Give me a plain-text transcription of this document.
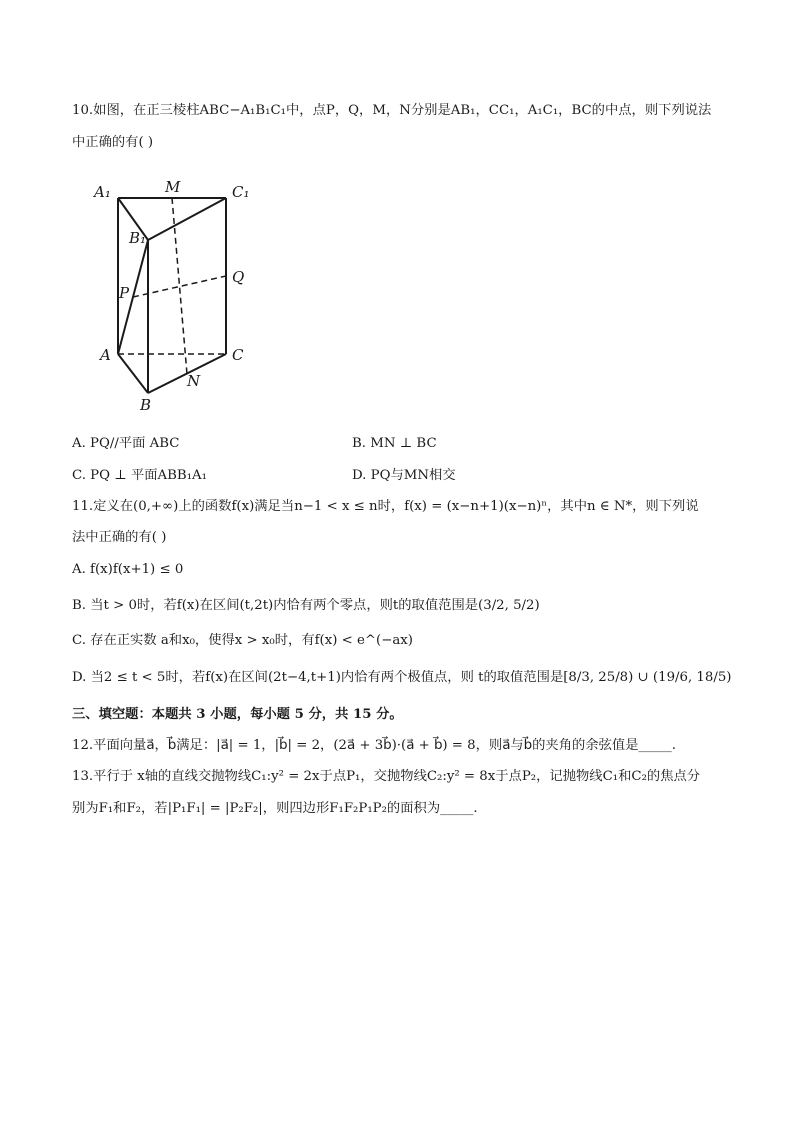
10.如图，在正三棱柱ABC−A₁B₁C₁中，点P，Q，M，N分别是AB₁，CC₁，A₁C₁，BC的中点，则下列说法
中正确的有( )
A₁	M	C₁
B₁
Q
P
A	C
N
B
A. PQ//平面 ABC	B. MN ⊥ BC
C. PQ ⊥ 平面ABB₁A₁	D. PQ与MN相交
11.定义在(0,+∞)上的函数f(x)满足当n−1 < x ≤ n时，f(x) = (x−n+1)(x−n)ⁿ，其中n ∈ N*，则下列说
法中正确的有( )
A. f(x)f(x+1) ≤ 0
B. 当t > 0时，若f(x)在区间(t,2t)内恰有两个零点，则t的取值范围是(3/2, 5/2)
C. 存在正实数 a和x₀，使得x > x₀时，有f(x) < e^(−ax)
D. 当2 ≤ t < 5时，若f(x)在区间(2t−4,t+1)内恰有两个极值点，则 t的取值范围是[8/3, 25/8) ∪ (19/6, 18/5)
三、填空题：本题共 3 小题，每小题 5 分，共 15 分。
12.平面向量a⃗，b⃗满足：|a⃗| = 1，|b⃗| = 2，(2a⃗ + 3b⃗)·(a⃗ + b⃗) = 8，则a⃗与b⃗的夹角的余弦值是_____.
13.平行于 x轴的直线交抛物线C₁:y² = 2x于点P₁，交抛物线C₂:y² = 8x于点P₂，记抛物线C₁和C₂的焦点分
别为F₁和F₂，若|P₁F₁| = |P₂F₂|，则四边形F₁F₂P₁P₂的面积为_____.
